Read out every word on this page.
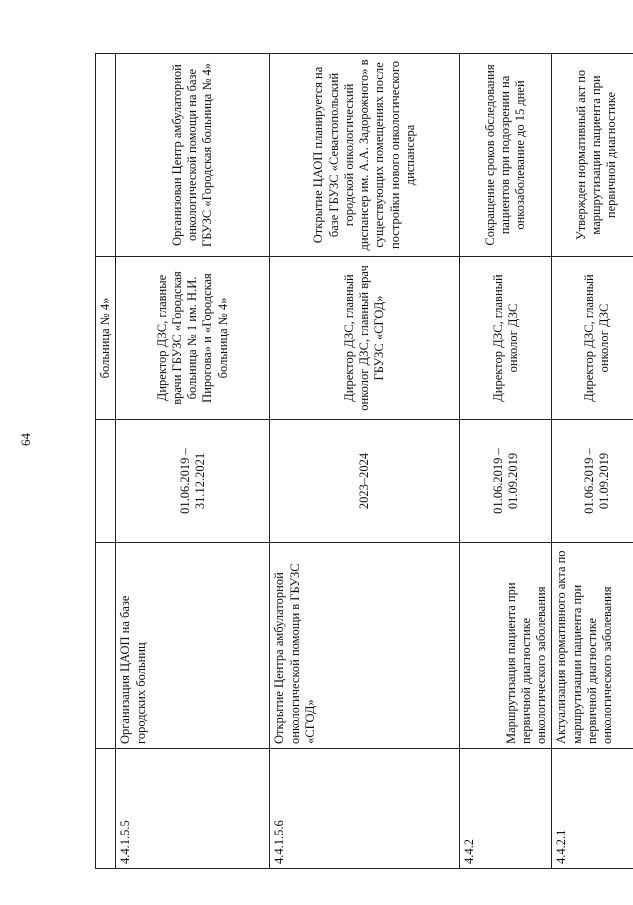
64
			больница № 4»	
4.4.1.5.5	Организация ЦАОП на базе городских больниц	01.06.2019 – 31.12.2021	Директор ДЗС, главные врачи ГБУЗС «Городская больница № 1 им. Н.И. Пирогова» и «Городская больница № 4»	Организован Центр амбулаторной онкологической помощи на базе ГБУЗС «Городская больница № 4»
4.4.1.5.6	Открытие Центра амбулаторной онкологической помощи в ГБУЗС «СГОД»	2023–2024	Директор ДЗС, главный онколог ДЗС, главный врач ГБУЗС «СГОД»	Открытие ЦАОП планируется на базе ГБУЗС «Севастопольский городской онкологический диспансер им. А.А. Задорожного» в существующих помещениях после постройки нового онкологического диспансера
4.4.2	Маршрутизация пациента при первичной диагностике онкологического заболевания	01.06.2019 – 01.09.2019	Директор ДЗС, главный онколог ДЗС	Сокращение сроков обследования пациентов при подозрении на онкозаболевание до 15 дней
4.4.2.1	Актуализация нормативного акта по маршрутизации пациента при первичной диагностике онкологического заболевания	01.06.2019 – 01.09.2019	Директор ДЗС, главный онколог ДЗС	Утвержден нормативный акт по маршрутизации пациента при первичной диагностике
